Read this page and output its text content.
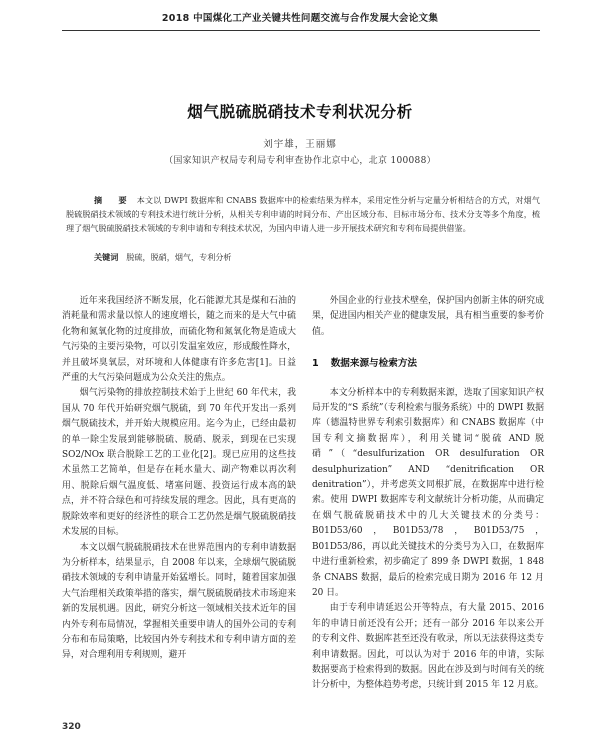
2018 中国煤化工产业关键共性问题交流与合作发展大会论文集
烟气脱硫脱硝技术专利状况分析
刘宇雄，王丽娜
（国家知识产权局专利局专利审查协作北京中心，北京 100088）
摘　要 本文以 DWPI 数据库和 CNABS 数据库中的检索结果为样本，采用定性分析与定量分析相结合的方式，对烟气脱硫脱硝技术领域的专利技术进行统计分析，从相关专利申请的时间分布、产出区域分布、目标市场分布、技术分支等多个角度，梳理了烟气脱硫脱硝技术领域的专利申请和专利技术状况，为国内申请人进一步开展技术研究和专利布局提供借鉴。
关键词 脱硫，脱硝，烟气，专利分析

近年来我国经济不断发展，化石能源尤其是煤和石油的消耗量和需求量以惊人的速度增长，随之而来的是大气中硫化物和氮氧化物的过度排放，而硫化物和氮氧化物是造成大气污染的主要污染物，可以引发温室效应，形成酸性降水，并且破坏臭氧层，对环境和人体健康有许多危害[1]。日益严重的大气污染问题成为公众关注的焦点。

烟气污染物的排放控制技术始于上世纪 60 年代末，我国从 70 年代开始研究烟气脱硫，到 70 年代开发出一系列烟气脱硫技术，并开始大规模应用。迄今为止，已经由最初的单一除尘发展到能够脱硫、脱硝、脱汞，到现在已实现 SO2/NOx 联合脱除工艺的工业化[2]。现已应用的这些技术虽然工艺简单，但是存在耗水量大、副产物难以再次利用、脱除后烟气温度低、堵塞问题、投资运行成本高的缺点，并不符合绿色和可持续发展的理念。因此，具有更高的脱除效率和更好的经济性的联合工艺仍然是烟气脱硫脱硝技术发展的目标。

本文以烟气脱硫脱硝技术在世界范围内的专利申请数据为分析样本，结果显示，自 2008 年以来，全球烟气脱硫脱硝技术领域的专利申请量开始猛增长。同时，随着国家加强大气治理相关政策举措的落实，烟气脱硫脱硝技术市场迎来新的发展机遇。因此，研究分析这一领域相关技术近年的国内外专利布局情况，掌握相关重要申请人的国外公司的专利分布和布局策略，比较国内外专利技术和专利申请方面的差异，对合理利用专利规则，避开

外国企业的行业技术壁垒，保护国内创新主体的研究成果，促进国内相关产业的健康发展，具有相当重要的参考价值。

1 数据来源与检索方法

本文分析样本中的专利数据来源，选取了国家知识产权局开发的“S 系统”（专利检索与服务系统）中的 DWPI 数据库（德温特世界专利索引数据库）和 CNABS 数据库（中国专利文摘数据库），利用关键词“脱硫 AND 脱硝”（“desulfurization OR desulfuration OR desulphurization” AND “denitrification OR denitration”），并考虑英文同根扩展，在数据库中进行检索。使用 DWPI 数据库专利文献统计分析功能，从而确定在烟气脱硫脱硝技术中的几大关键技术的分类号：B01D53/60，B01D53/78，B01D53/75，B01D53/86，再以此关键技术的分类号为入口，在数据库中进行重新检索，初步确定了 899 条 DWPI 数据，1 848 条 CNABS 数据，最后的检索完成日期为 2016 年 12 月 20 日。

由于专利申请延迟公开等特点，有大量 2015、2016 年的申请日前还没有公开；还有一部分 2016 年以来公开的专利文件、数据库甚至还没有收录，所以无法获得这类专利申请数据。因此，可以认为对于 2016 年的申请，实际数据要高于检索得到的数据。因此在涉及到与时间有关的统计分析中，为整体趋势考虑，只统计到 2015 年 12 月底。

320
